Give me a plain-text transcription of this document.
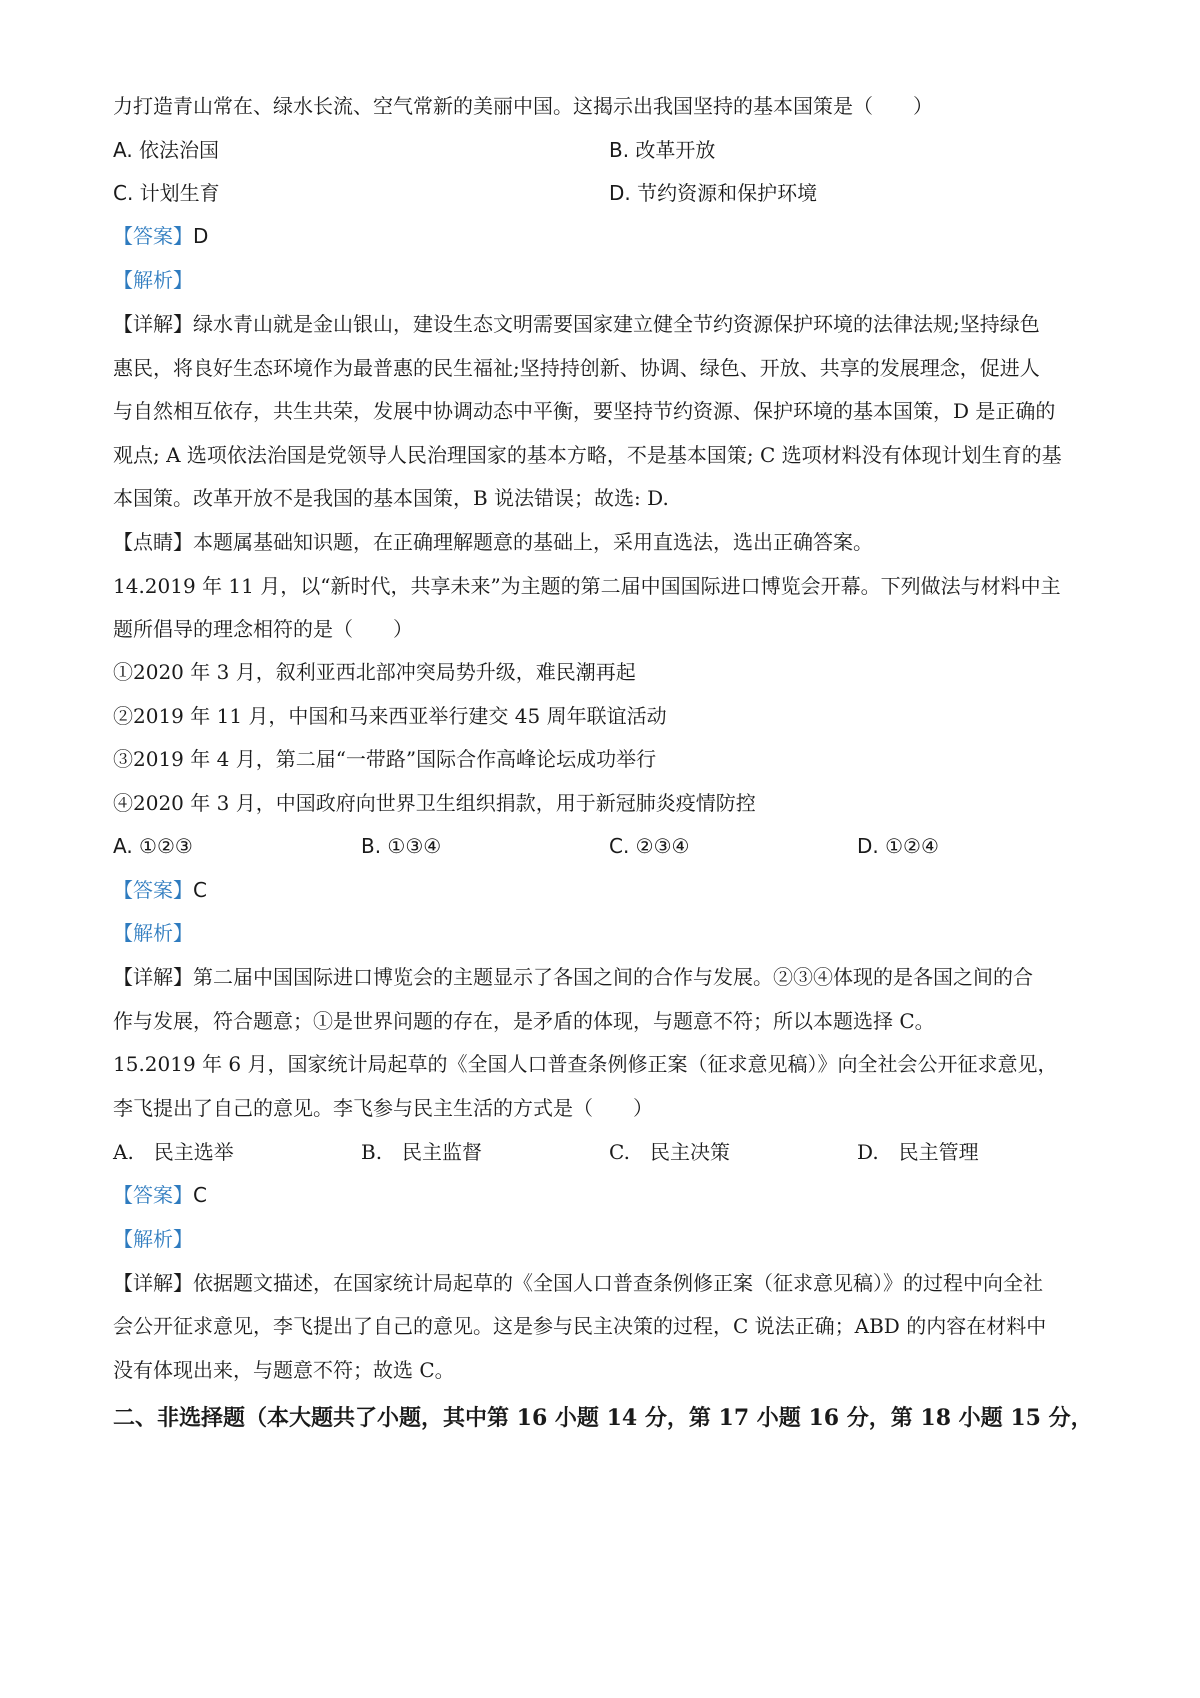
力打造青山常在、绿水长流、空气常新的美丽中国。这揭示出我国坚持的基本国策是（　　）
A. 依法治国	B. 改革开放
C. 计划生育	D. 节约资源和保护环境
【答案】D
【解析】
【详解】绿水青山就是金山银山，建设生态文明需要国家建立健全节约资源保护环境的法律法规;坚持绿色
惠民，将良好生态环境作为最普惠的民生福祉;坚持持创新、协调、绿色、开放、共享的发展理念，促进人
与自然相互依存，共生共荣，发展中协调动态中平衡，要坚持节约资源、保护环境的基本国策，D 是正确的
观点; A 选项依法治国是党领导人民治理国家的基本方略，不是基本国策; C 选项材料没有体现计划生育的基
本国策。改革开放不是我国的基本国策，B 说法错误；故选: D.
【点睛】本题属基础知识题，在正确理解题意的基础上，采用直选法，选出正确答案。
14.2019 年 11 月，以“新时代，共享未来”为主题的第二届中国国际进口博览会开幕。下列做法与材料中主
题所倡导的理念相符的是（　　）
①2020 年 3 月，叙利亚西北部冲突局势升级，难民潮再起
②2019 年 11 月，中国和马来西亚举行建交 45 周年联谊活动
③2019 年 4 月，第二届“一带路”国际合作高峰论坛成功举行
④2020 年 3 月，中国政府向世界卫生组织捐款，用于新冠肺炎疫情防控
A. ①②③	B. ①③④	C. ②③④	D. ①②④
【答案】C
【解析】
【详解】第二届中国国际进口博览会的主题显示了各国之间的合作与发展。②③④体现的是各国之间的合
作与发展，符合题意；①是世界问题的存在，是矛盾的体现，与题意不符；所以本题选择 C。
15.2019 年 6 月，国家统计局起草的《全国人口普查条例修正案（征求意见稿）》向全社会公开征求意见，
李飞提出了自己的意见。李飞参与民主生活的方式是（　　）
A.　民主选举	B.　民主监督	C.　民主决策	D.　民主管理
【答案】C
【解析】
【详解】依据题文描述，在国家统计局起草的《全国人口普查条例修正案（征求意见稿）》的过程中向全社
会公开征求意见，李飞提出了自己的意见。这是参与民主决策的过程，C 说法正确；ABD 的内容在材料中
没有体现出来，与题意不符；故选 C。
二、非选择题（本大题共了小题，其中第 16 小题 14 分，第 17 小题 16 分，第 18 小题 15 分，
